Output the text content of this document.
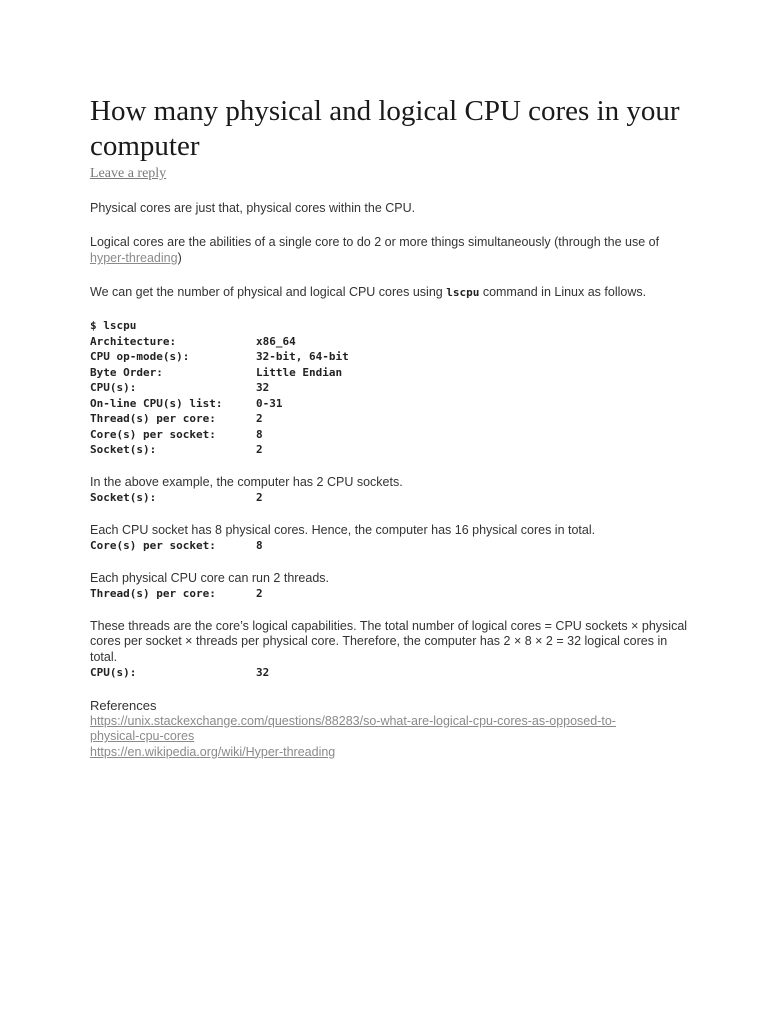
How many physical and logical CPU cores in your computer
Leave a reply

Physical cores are just that, physical cores within the CPU.

Logical cores are the abilities of a single core to do 2 or more things simultaneously (through the use of hyper-threading)

We can get the number of physical and logical CPU cores using lscpu command in Linux as follows.

$ lscpu
Architecture:	x86_64
CPU op-mode(s):	32-bit, 64-bit
Byte Order:	Little Endian
CPU(s):	32
On-line CPU(s) list:	0-31
Thread(s) per core:	2
Core(s) per socket:	8
Socket(s):	2

In the above example, the computer has 2 CPU sockets.

Socket(s):	2

Each CPU socket has 8 physical cores. Hence, the computer has 16 physical cores in total.

Core(s) per socket:	8

Each physical CPU core can run 2 threads.

Thread(s) per core:	2

These threads are the core’s logical capabilities. The total number of logical cores = CPU sockets × physical cores per socket × threads per physical core. Therefore, the computer has 2 × 8 × 2 = 32 logical cores in total.

CPU(s):	32
References
https://unix.stackexchange.com/questions/88283/so-what-are-logical-cpu-cores-as-opposed-to-physical-cpu-cores
https://en.wikipedia.org/wiki/Hyper-threading
